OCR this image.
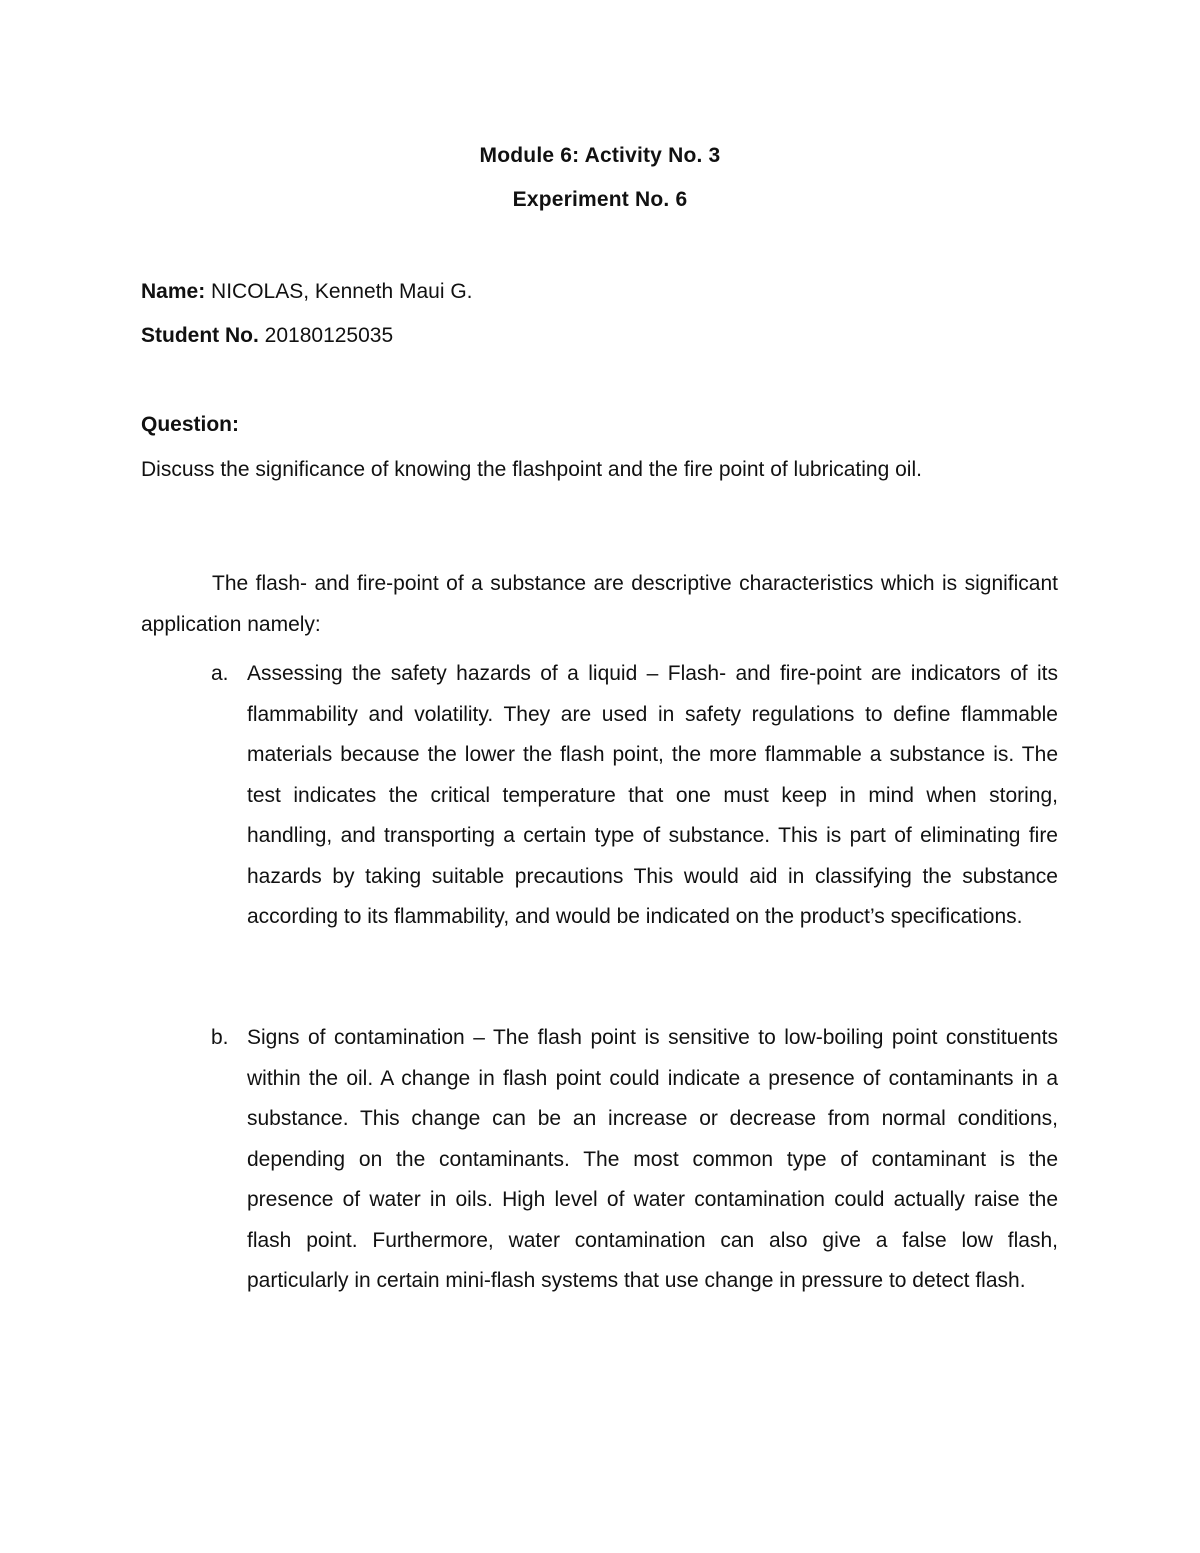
Module 6: Activity No. 3
Experiment No. 6
Name: NICOLAS, Kenneth Maui G.
Student No. 20180125035
Question:
Discuss the significance of knowing the flashpoint and the fire point of lubricating oil.
The flash- and fire-point of a substance are descriptive characteristics which is significant application namely:
a. Assessing the safety hazards of a liquid – Flash- and fire-point are indicators of its flammability and volatility. They are used in safety regulations to define flammable materials because the lower the flash point, the more flammable a substance is. The test indicates the critical temperature that one must keep in mind when storing, handling, and transporting a certain type of substance. This is part of eliminating fire hazards by taking suitable precautions This would aid in classifying the substance according to its flammability, and would be indicated on the product’s specifications.
b. Signs of contamination – The flash point is sensitive to low-boiling point constituents within the oil. A change in flash point could indicate a presence of contaminants in a substance. This change can be an increase or decrease from normal conditions, depending on the contaminants. The most common type of contaminant is the presence of water in oils. High level of water contamination could actually raise the flash point. Furthermore, water contamination can also give a false low flash, particularly in certain mini-flash systems that use change in pressure to detect flash.
